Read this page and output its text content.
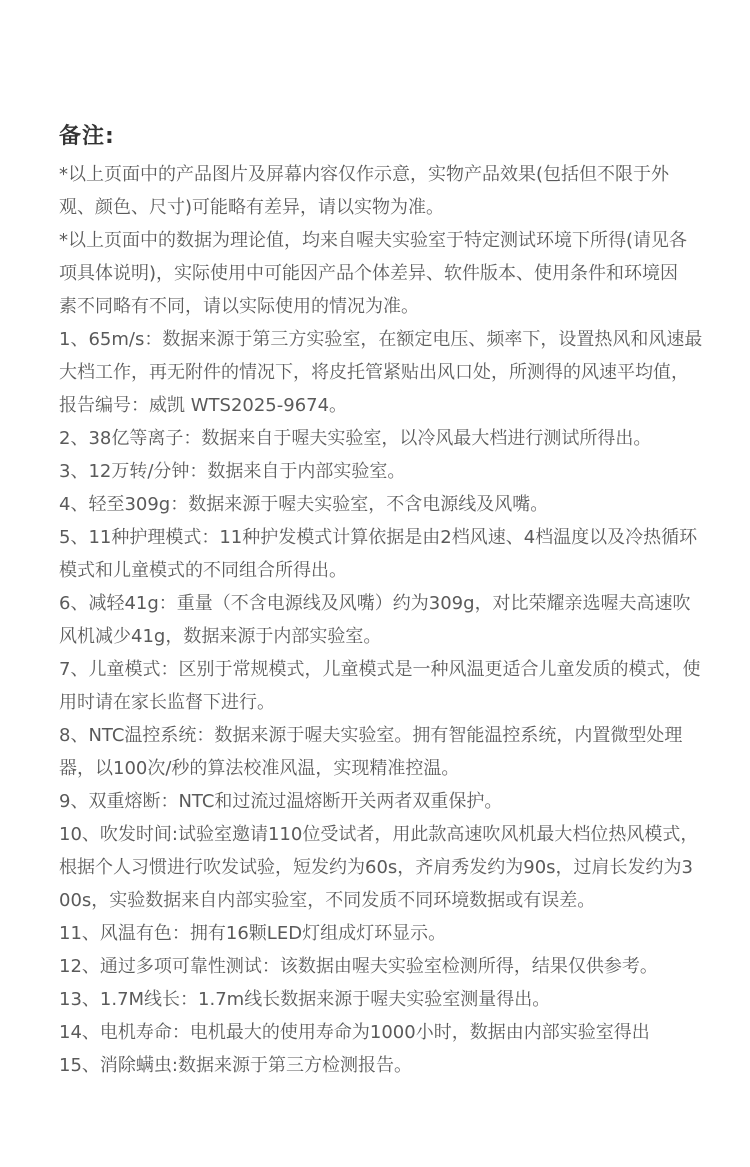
备注:

*以上页面中的产品图片及屏幕内容仅作示意，实物产品效果(包括但不限于外观、颜色、尺寸)可能略有差异，请以实物为准。

*以上页面中的数据为理论值，均来自喔夫实验室于特定测试环境下所得(请见各项具体说明)，实际使用中可能因产品个体差异、软件版本、使用条件和环境因　素不同略有不同，请以实际使用的情况为准。

1、65m/s：数据来源于第三方实验室，在额定电压、频率下，设置热风和风速最大档工作，再无附件的情况下，将皮托管紧贴出风口处，所测得的风速平均值，报告编号：威凯 WTS2025-9674。

2、38亿等离子：数据来自于喔夫实验室，以冷风最大档进行测试所得出。

3、12万转/分钟：数据来自于内部实验室。

4、轻至309g：数据来源于喔夫实验室，不含电源线及风嘴。

5、11种护理模式：11种护发模式计算依据是由2档风速、4档温度以及冷热循环模式和儿童模式的不同组合所得出。

6、减轻41g：重量（不含电源线及风嘴）约为309g，对比荣耀亲选喔夫高速吹风机减少41g，数据来源于内部实验室。

7、儿童模式：区别于常规模式，儿童模式是一种风温更适合儿童发质的模式，使用时请在家长监督下进行。

8、NTC温控系统：数据来源于喔夫实验室。拥有智能温控系统，内置微型处理器，以100次/秒的算法校准风温，实现精准控温。

9、双重熔断：NTC和过流过温熔断开关两者双重保护。

10、吹发时间:试验室邀请110位受试者，用此款高速吹风机最大档位热风模式，根据个人习惯进行吹发试验，短发约为60s，齐肩秀发约为90s，过肩长发约为300s，实验数据来自内部实验室，不同发质不同环境数据或有误差。

11、风温有色：拥有16颗LED灯组成灯环显示。

12、通过多项可靠性测试：该数据由喔夫实验室检测所得，结果仅供参考。

13、1.7M线长：1.7m线长数据来源于喔夫实验室测量得出。

14、电机寿命：电机最大的使用寿命为1000小时，数据由内部实验室得出

15、消除螨虫:数据来源于第三方检测报告。
